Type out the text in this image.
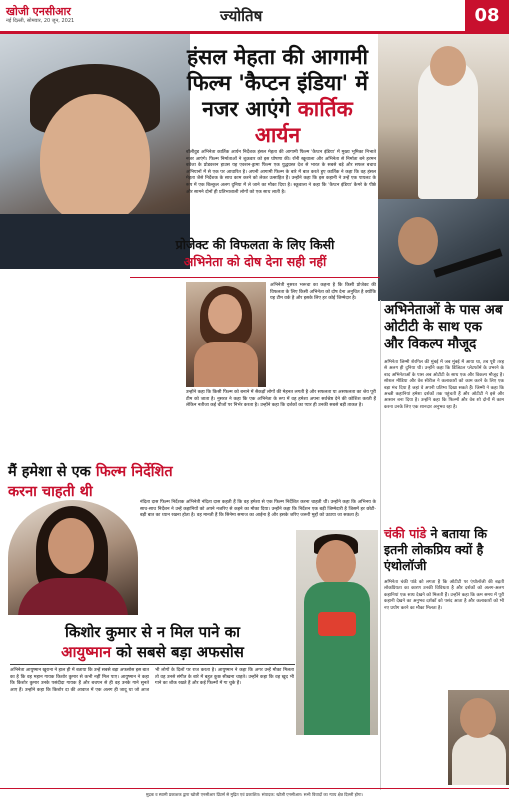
खोजी एनसीआर
नई दिल्ली, सोमवार, 20 जून, 2021	ज्योतिष	08
हंसल मेहता की आगामी
फिल्म 'कैप्टन इंडिया' में
नजर आएंगे कार्तिक आर्यन
बॉलीवुड अभिनेता कार्तिक आर्यन निर्देशक हंसल मेहता की आगामी फिल्म 'कैप्टन इंडिया' में मुख्य भूमिका निभाते नजर आएंगे। फिल्म निर्माताओं ने शुक्रवार को इस घोषणा की। रॉनी स्क्रूवाला और अभिनेता से निर्माता बने हरमन बवेजा के प्रोडक्शन हाउस यह एक्शन-ड्रामा फिल्म एक युद्धग्रस्त देश से भारत के सबसे बड़े और सफल बचाव अभियानों में से एक पर आधारित है। अपनी आगामी फिल्म के बारे में बात करते हुए कार्तिक ने कहा कि वह हंसल मेहता जैसे निर्देशक के साथ काम करने को लेकर उत्साहित हैं। उन्होंने कहा कि इस कहानी ने उन्हें एक पायलट के रूप में एक बिल्कुल अलग दुनिया में ले जाने का मौका दिया है। स्क्रूवाला ने कहा कि 'कैप्टन इंडिया' कैमरे के पीछे और सामने दोनों ही प्रतिभाशाली लोगों को एक साथ लाती है।
अभिनेताओं के पास अब ओटीटी के साथ एक और विकल्प मौजूद
अभिनेता जिम्मी शेरगिल की मुंबई में जब मुंबई में आया था, तब पूरी तरह से अलग ही दुनिया थी। उन्होंने कहा कि डिजिटल प्लेटफॉर्म के उभरने के बाद अभिनेताओं के पास अब ओटीटी के साथ एक और विकल्प मौजूद है। सोशल मीडिया और वेब सीरीज ने कलाकारों को काम करने के लिए एक बड़ा मंच दिया है जहां वे अपनी प्रतिभा दिखा सकते हैं। जिम्मी ने कहा कि अच्छी कहानियां हमेशा दर्शकों तक पहुंचती हैं और ओटीटी ने इसे और आसान बना दिया है। उन्होंने कहा कि फिल्मों और वेब शो दोनों में काम करना उनके लिए एक शानदार अनुभव रहा है।
चंकी पांडे ने बताया कि इतनी लोकप्रिय क्यों है एंथोलॉजी
अभिनेता चंकी पांडे को लगता है कि ओटीटी पर एंथोलॉजी की बढ़ती लोकप्रियता का कारण उनकी विविधता है और दर्शकों को अलग-अलग कहानियां एक साथ देखने को मिलती हैं। उन्होंने कहा कि कम समय में पूरी कहानी देखने का अनुभव दर्शकों को पसंद आता है और कलाकारों को भी नए प्रयोग करने का मौका मिलता है।
प्रोजेक्ट की विफलता के लिए किसी
अभिनेता को दोष देना सही नहीं
अभिनेत्री नुसरत भरूचा का कहना है कि किसी प्रोजेक्ट की विफलता के लिए किसी अभिनेता को दोष देना अनुचित है क्योंकि यह टीम वर्क है और इसके लिए हर कोई जिम्मेदार है।
उन्होंने कहा कि किसी फिल्म को बनाने में सैकड़ों लोगों की मेहनत लगती है और सफलता या असफलता का श्रेय पूरी टीम को जाता है। नुसरत ने कहा कि एक अभिनेता के रूप में वह हमेशा अपना सर्वश्रेष्ठ देने की कोशिश करती हैं लेकिन नतीजा कई चीजों पर निर्भर करता है। उन्होंने कहा कि दर्शकों का प्यार ही उनकी सबसे बड़ी ताकत है।
मैं हमेशा से एक फिल्म निर्देशित
करना चाहती थी
नंदिता दास फिल्म निर्देशक अभिनेत्री नंदिता दास कहती हैं कि वह हमेशा से एक फिल्म निर्देशित करना चाहती थीं। उन्होंने कहा कि अभिनय के साथ-साथ निर्देशन ने उन्हें कहानियों को अपने नजरिए से कहने का मौका दिया। उन्होंने कहा कि निर्देशन एक बड़ी जिम्मेदारी है जिसमें हर छोटी-बड़ी बात का ध्यान रखना होता है। वह मानती हैं कि सिनेमा समाज का आईना है और इसके जरिए जरूरी मुद्दों को उठाया जा सकता है।
किशोर कुमार से न मिल पाने का
आयुष्मान को सबसे बड़ा अफसोस
अभिनेता आयुष्मान खुराना ने हाल ही में बताया कि उन्हें सबसे बड़ा अफसोस इस बात का है कि वह महान गायक किशोर कुमार से कभी नहीं मिल पाए। आयुष्मान ने कहा कि किशोर कुमार उनके पसंदीदा गायक हैं और बचपन से ही वह उनके गाने सुनते आए हैं। उन्होंने कहा कि किशोर दा की आवाज में एक अलग ही जादू था जो आज भी लोगों के दिलों पर राज करता है। आयुष्मान ने कहा कि अगर उन्हें मौका मिलता तो वह उनसे संगीत के बारे में बहुत कुछ सीखना चाहते। उन्होंने कहा कि वह खुद भी गाने का शौक रखते हैं और कई फिल्मों में गा चुके हैं।
मुद्रक व स्वामी प्रकाशक द्वारा खोजी एनसीआर प्रिंटर्स से मुद्रित एवं प्रकाशित। संपादक: खोजी एनसीआर। सभी विवादों का न्याय क्षेत्र दिल्ली होगा।
